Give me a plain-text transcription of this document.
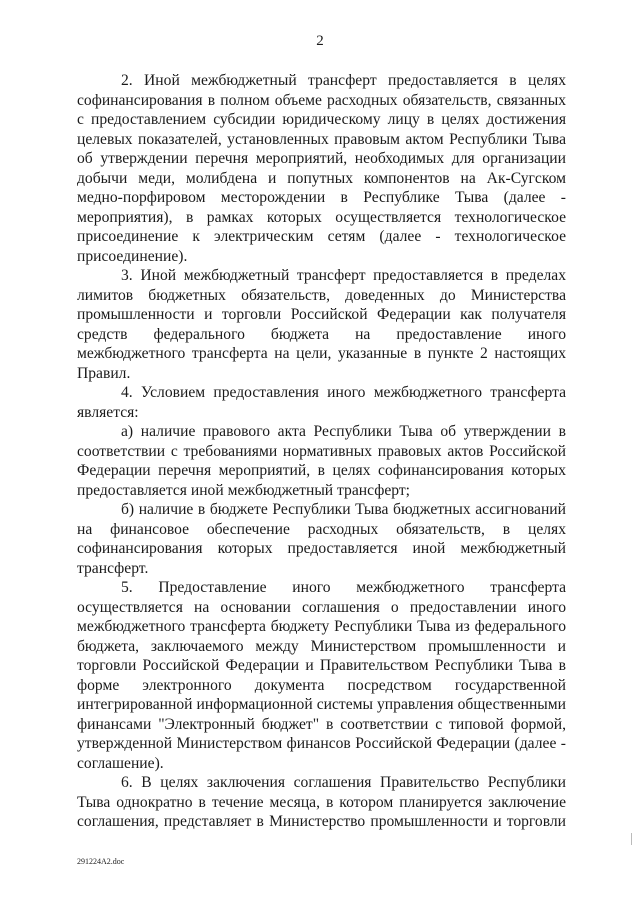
2

2. Иной межбюджетный трансферт предоставляется в целях софинансирования в полном объеме расходных обязательств, связанных с предоставлением субсидии юридическому лицу в целях достижения целевых показателей, установленных правовым актом Республики Тыва об утверждении перечня мероприятий, необходимых для организации добычи меди, молибдена и попутных компонентов на Ак-Сугском медно-порфировом месторождении в Республике Тыва (далее - мероприятия), в рамках которых осуществляется технологическое присоединение к электрическим сетям (далее - технологическое присоединение).

3. Иной межбюджетный трансферт предоставляется в пределах лимитов бюджетных обязательств, доведенных до Министерства промышленности и торговли Российской Федерации как получателя средств федерального бюджета на предоставление иного межбюджетного трансферта на цели, указанные в пункте 2 настоящих Правил.

4. Условием предоставления иного межбюджетного трансферта является:

а) наличие правового акта Республики Тыва об утверждении в соответствии с требованиями нормативных правовых актов Российской Федерации перечня мероприятий, в целях софинансирования которых предоставляется иной межбюджетный трансферт;

б) наличие в бюджете Республики Тыва бюджетных ассигнований на финансовое обеспечение расходных обязательств, в целях софинансирования которых предоставляется иной межбюджетный трансферт.

5. Предоставление иного межбюджетного трансферта осуществляется на основании соглашения о предоставлении иного межбюджетного трансферта бюджету Республики Тыва из федерального бюджета, заключаемого между Министерством промышленности и торговли Российской Федерации и Правительством Республики Тыва в форме электронного документа посредством государственной интегрированной информационной системы управления общественными финансами "Электронный бюджет" в соответствии с типовой формой, утвержденной Министерством финансов Российской Федерации (далее - соглашение).

6. В целях заключения соглашения Правительство Республики Тыва однократно в течение месяца, в котором планируется заключение соглашения, представляет в Министерство промышленности и торговли

291224A2.doc
